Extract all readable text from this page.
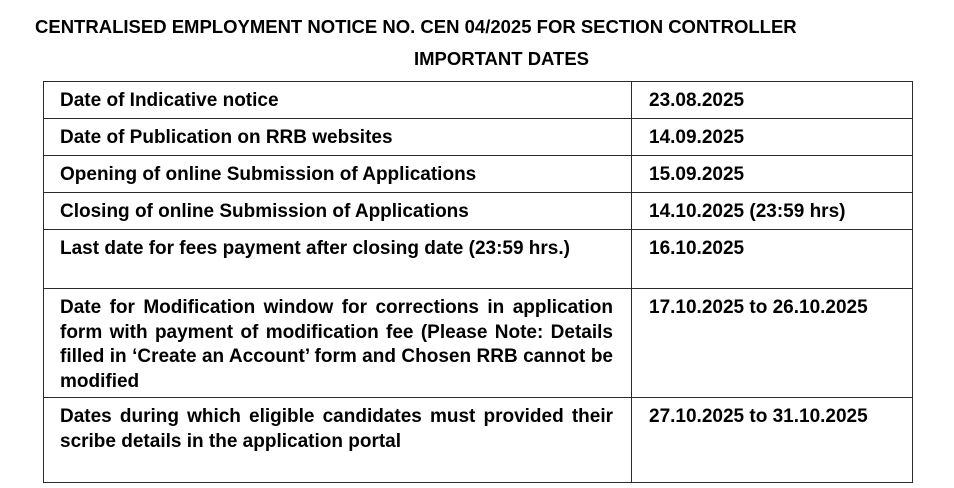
CENTRALISED EMPLOYMENT NOTICE NO. CEN 04/2025 FOR SECTION CONTROLLER
IMPORTANT DATES
Date of Indicative notice	23.08.2025
Date of Publication on RRB websites	14.09.2025
Opening of online Submission of Applications	15.09.2025
Closing of online Submission of Applications	14.10.2025 (23:59 hrs)
Last date for fees payment after closing date (23:59 hrs.)	16.10.2025
Date for Modification window for corrections in application form with payment of modification fee (Please Note: Details filled in ‘Create an Account’ form and Chosen RRB cannot be modified	17.10.2025 to 26.10.2025
Dates during which eligible candidates must provided their scribe details in the application portal	27.10.2025 to 31.10.2025
